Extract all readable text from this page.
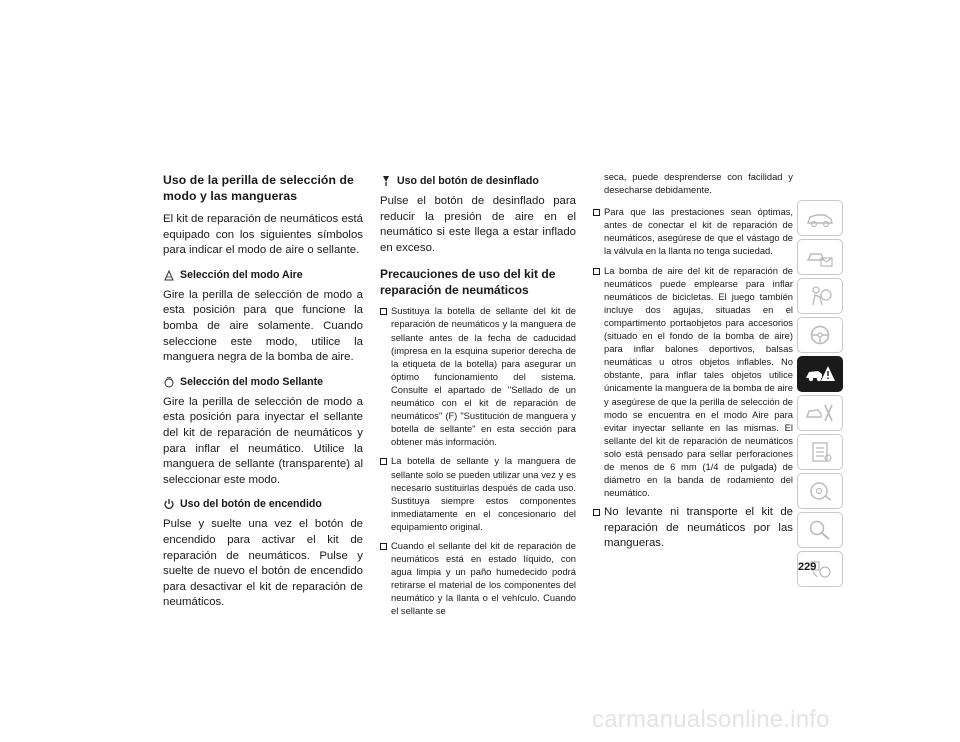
Uso de la perilla de selección de modo y las mangueras

El kit de reparación de neumáticos está equipado con los siguientes símbolos para indicar el modo de aire o sellante.

Selección del modo Aire

Gire la perilla de selección de modo a esta posición para que funcione la bomba de aire solamente. Cuando seleccione este modo, utilice la manguera negra de la bomba de aire.

Selección del modo Sellante

Gire la perilla de selección de modo a esta posición para inyectar el sellante del kit de reparación de neumáticos y para inflar el neumático. Utilice la manguera de sellante (transparente) al seleccionar este modo.

Uso del botón de encendido

Pulse y suelte una vez el botón de encendido para activar el kit de reparación de neumáticos. Pulse y suelte de nuevo el botón de encendido para desactivar el kit de reparación de neumáticos.

Uso del botón de desinflado

Pulse el botón de desinflado para reducir la presión de aire en el neumático si este llega a estar inflado en exceso.

Precauciones de uso del kit de reparación de neumáticos
Sustituya la botella de sellante del kit de reparación de neumáticos y la manguera de sellante antes de la fecha de caducidad (impresa en la esquina superior derecha de la etiqueta de la botella) para asegurar un óptimo funcionamiento del sistema. Consulte el apartado de "Sellado de un neumático con el kit de reparación de neumáticos" (F) "Sustitución de manguera y botella de sellante" en esta sección para obtener más información.
La botella de sellante y la manguera de sellante solo se pueden utilizar una vez y es necesario sustituirlas después de cada uso. Sustituya siempre estos componentes inmediatamente en el concesionario del equipamiento original.
Cuando el sellante del kit de reparación de neumáticos está en estado líquido, con agua limpia y un paño humedecido podrá retirarse el material de los componentes del neumático y la llanta o el vehículo. Cuando el sellante se

seca, puede desprenderse con facilidad y desecharse debidamente.

Para que las prestaciones sean óptimas, antes de conectar el kit de reparación de neumáticos, asegúrese de que el vástago de la válvula en la llanta no tenga suciedad.
La bomba de aire del kit de reparación de neumáticos puede emplearse para inflar neumáticos de bicicletas. El juego también incluye dos agujas, situadas en el compartimento portaobjetos para accesorios (situado en el fondo de la bomba de aire) para inflar balones deportivos, balsas neumáticas u otros objetos inflables. No obstante, para inflar tales objetos utilice únicamente la manguera de la bomba de aire y asegúrese de que la perilla de selección de modo se encuentra en el modo Aire para evitar inyectar sellante en las mismas. El sellante del kit de reparación de neumáticos solo está pensado para sellar perforaciones de menos de 6 mm (1/4 de pulgada) de diámetro en la banda de rodamiento del neumático.
No levante ni transporte el kit de reparación de neumáticos por las mangueras.
229
carmanualsonline.info
